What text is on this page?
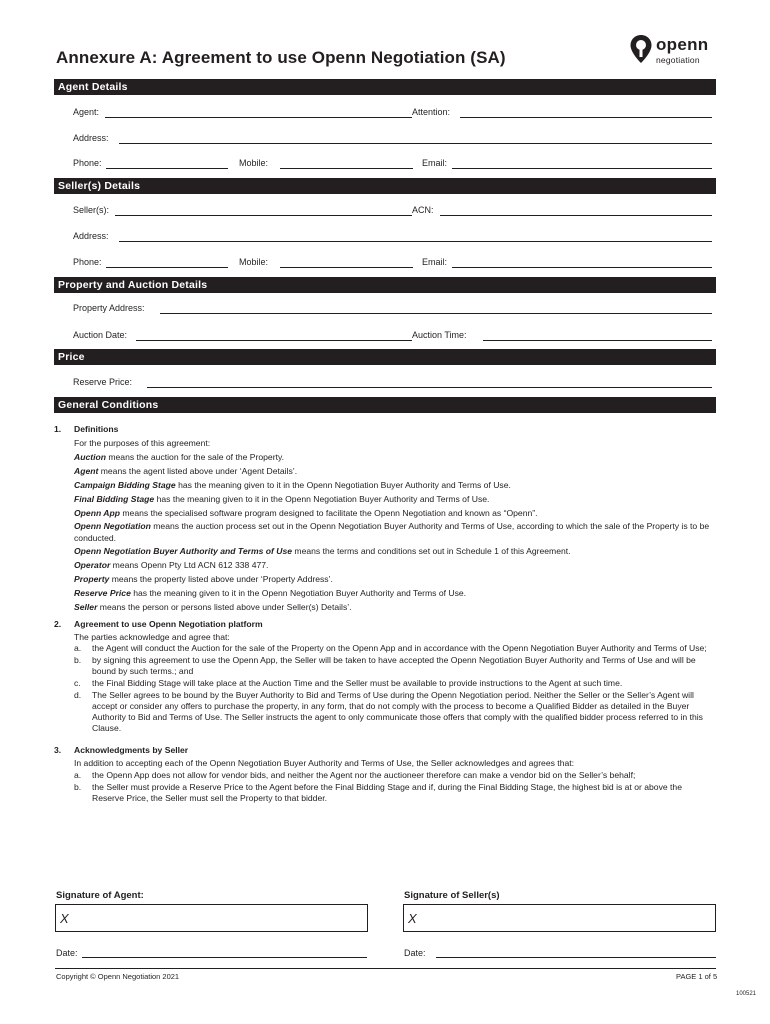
Annexure A: Agreement to use Openn Negotiation (SA)
openn
negotiation
Agent Details
Agent:	Attention:
Address:
Phone:	Mobile:	Email:
Seller(s) Details
Seller(s):	ACN:
Address:
Phone:	Mobile:	Email:
Property and Auction Details
Property Address:
Auction Date:	Auction Time:
Price
Reserve Price:
General Conditions
1. Definitions
For the purposes of this agreement:
Auction means the auction for the sale of the Property.
Agent means the agent listed above under ‘Agent Details’.
Campaign Bidding Stage has the meaning given to it in the Openn Negotiation Buyer Authority and Terms of Use.
Final Bidding Stage has the meaning given to it in the Openn Negotiation Buyer Authority and Terms of Use.
Openn App means the specialised software program designed to facilitate the Openn Negotiation and known as “Openn”.
Openn Negotiation means the auction process set out in the Openn Negotiation Buyer Authority and Terms of Use, according to which the sale of the Property is to be conducted.
Openn Negotiation Buyer Authority and Terms of Use means the terms and conditions set out in Schedule 1 of this Agreement.
Operator means Openn Pty Ltd ACN 612 338 477.
Property means the property listed above under ‘Property Address’.
Reserve Price has the meaning given to it in the Openn Negotiation Buyer Authority and Terms of Use.
Seller means the person or persons listed above under Seller(s) Details’.
2. Agreement to use Openn Negotiation platform
The parties acknowledge and agree that:
a. the Agent will conduct the Auction for the sale of the Property on the Openn App and in accordance with the Openn Negotiation Buyer Authority and Terms of Use;
b. by signing this agreement to use the Openn App, the Seller will be taken to have accepted the Openn Negotiation Buyer Authority and Terms of Use and will be bound by such terms.; and
c. the Final Bidding Stage will take place at the Auction Time and the Seller must be available to provide instructions to the Agent at such time.
d. The Seller agrees to be bound by the Buyer Authority to Bid and Terms of Use during the Openn Negotiation period. Neither the Seller or the Seller’s Agent will accept or consider any offers to purchase the property, in any form, that do not comply with the process to become a Qualified Bidder as detailed in the Buyer Authority to Bid and Terms of Use. The Seller instructs the agent to only communicate those offers that comply with the qualified bidder process referred to in this Clause.
3. Acknowledgments by Seller
In addition to accepting each of the Openn Negotiation Buyer Authority and Terms of Use, the Seller acknowledges and agrees that:
a. the Openn App does not allow for vendor bids, and neither the Agent nor the auctioneer therefore can make a vendor bid on the Seller’s behalf;
b. the Seller must provide a Reserve Price to the Agent before the Final Bidding Stage and if, during the Final Bidding Stage, the highest bid is at or above the Reserve Price, the Seller must sell the Property to that bidder.
Signature of Agent:	Signature of Seller(s)
X	X
Date:	Date:
Copyright © Openn Negotiation 2021	PAGE 1 of 5
100521
